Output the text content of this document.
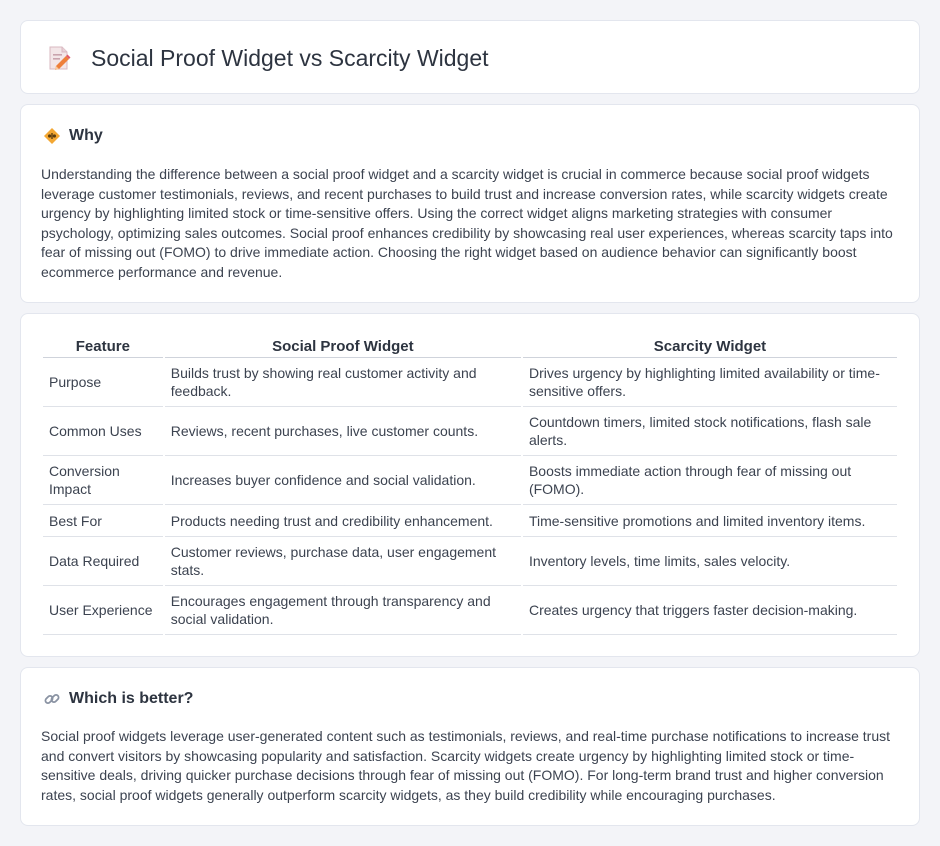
Social Proof Widget vs Scarcity Widget
Why

Understanding the difference between a social proof widget and a scarcity widget is crucial in commerce because social proof widgets leverage customer testimonials, reviews, and recent purchases to build trust and increase conversion rates, while scarcity widgets create urgency by highlighting limited stock or time-sensitive offers. Using the correct widget aligns marketing strategies with consumer psychology, optimizing sales outcomes. Social proof enhances credibility by showcasing real user experiences, whereas scarcity taps into fear of missing out (FOMO) to drive immediate action. Choosing the right widget based on audience behavior can significantly boost ecommerce performance and revenue.

Feature	Social Proof Widget	Scarcity Widget
Purpose	Builds trust by showing real customer activity and feedback.	Drives urgency by highlighting limited availability or time-sensitive offers.
Common Uses	Reviews, recent purchases, live customer counts.	Countdown timers, limited stock notifications, flash sale alerts.
Conversion Impact	Increases buyer confidence and social validation.	Boosts immediate action through fear of missing out (FOMO).
Best For	Products needing trust and credibility enhancement.	Time-sensitive promotions and limited inventory items.
Data Required	Customer reviews, purchase data, user engagement stats.	Inventory levels, time limits, sales velocity.
User Experience	Encourages engagement through transparency and social validation.	Creates urgency that triggers faster decision-making.
Which is better?

Social proof widgets leverage user-generated content such as testimonials, reviews, and real-time purchase notifications to increase trust and convert visitors by showcasing popularity and satisfaction. Scarcity widgets create urgency by highlighting limited stock or time-sensitive deals, driving quicker purchase decisions through fear of missing out (FOMO). For long-term brand trust and higher conversion rates, social proof widgets generally outperform scarcity widgets, as they build credibility while encouraging purchases.
